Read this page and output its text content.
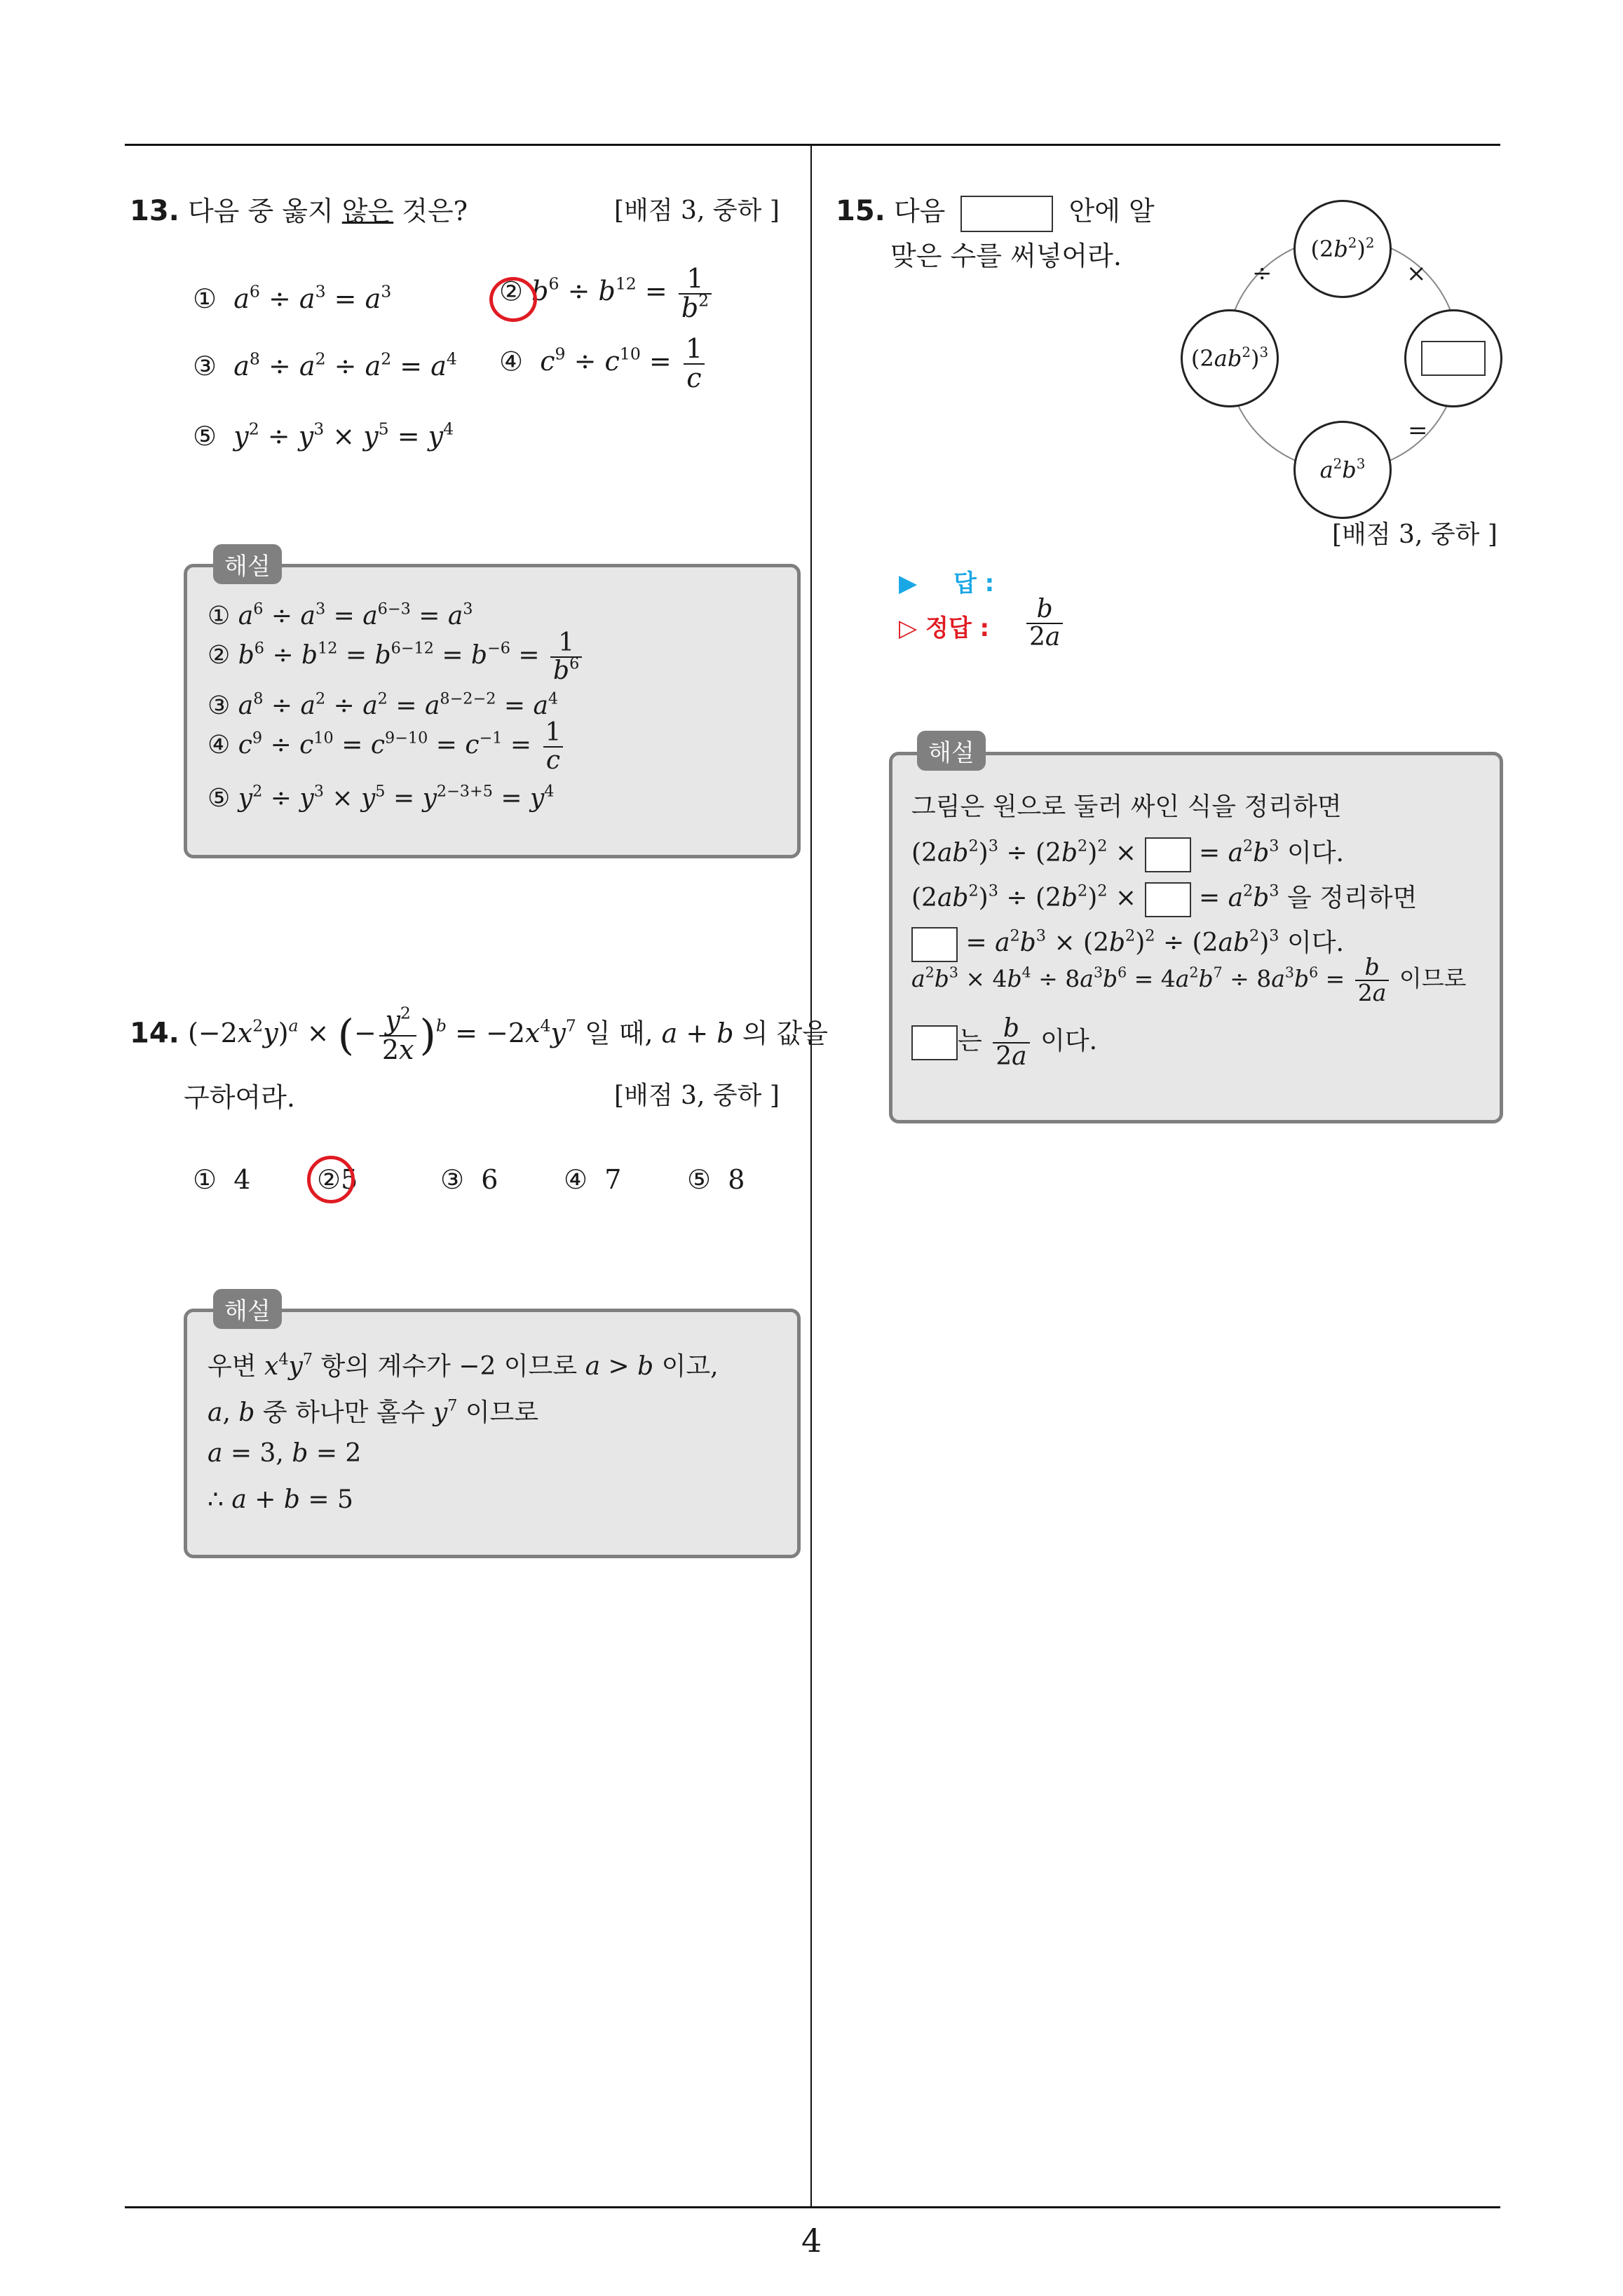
4
13. 다음 중 옳지 않은 것은?	[배점 3, 중하 ]
① $a^6 \div a^3 = a^3$	② $b^6 \div b^{12} = \frac{1}{b^2}$
③ $a^8 \div a^2 \div a^2 = a^4$ ④ $c^9 \div c^{10} = \frac{1}{c}$
⑤ $y^2 \div y^3 \times y^5 = y^4$
해설
① $a^6 \div a^3 = a^{6-3} = a^3$
② $b^6 \div b^{12} = b^{6-12} = b^{-6} = \frac{1}{b^6}$
③ $a^8 \div a^2 \div a^2 = a^{8-2-2} = a^4$
④ $c^9 \div c^{10} = c^{9-10} = c^{-1} = \frac{1}{c}$
⑤ $y^2 \div y^3 \times y^5 = y^{2-3+5} = y^4$
14. $(-2x^2y)^a$ × (− $\frac{y^2}{2x} )^b = -2x^4y^7$ 일 때, a + b 의 값을
구하여라.	[배점 3, 중하 ]
① 4 ②5	③ 6 ④ 7 ⑤ 8
해설
우변 $x^4y^7$ 항의 계수가 −2 이므로 a > b 이고,
a, b 중 하나만 홀수 $y^7$ 이므로
a = 3, b = 2
∴ a + b = 5
15. 다음	안에 알
맞은 수를 써넣어라.	$(2b^2)^2$
$(2ab^2)^3$
$a^2b^3$
÷	×
=
[배점 3, 중하 ]
▶ 답 :
▷ 정답 : $\frac{b}{2a}$
해설
그림은 원으로 둘러 싸인 식을 정리하면
$(2ab^2)^3 \div (2b^2)^2$ × = $a^2b^3$ 이다.
$(2ab^2)^3 \div (2b^2)^2$ × = $a^2b^3$ 을 정리하면
= $a^2b^3 \times (2b^2)^2 \div (2ab^2)^3$ 이다.
$a^2b^3 \times 4b^4 \div 8a^3b^6 = 4a^2b^7 \div 8a^3b^6 = \frac{b}{2a}$ 이므로
는 $\frac{b}{2a}$ 이다.
